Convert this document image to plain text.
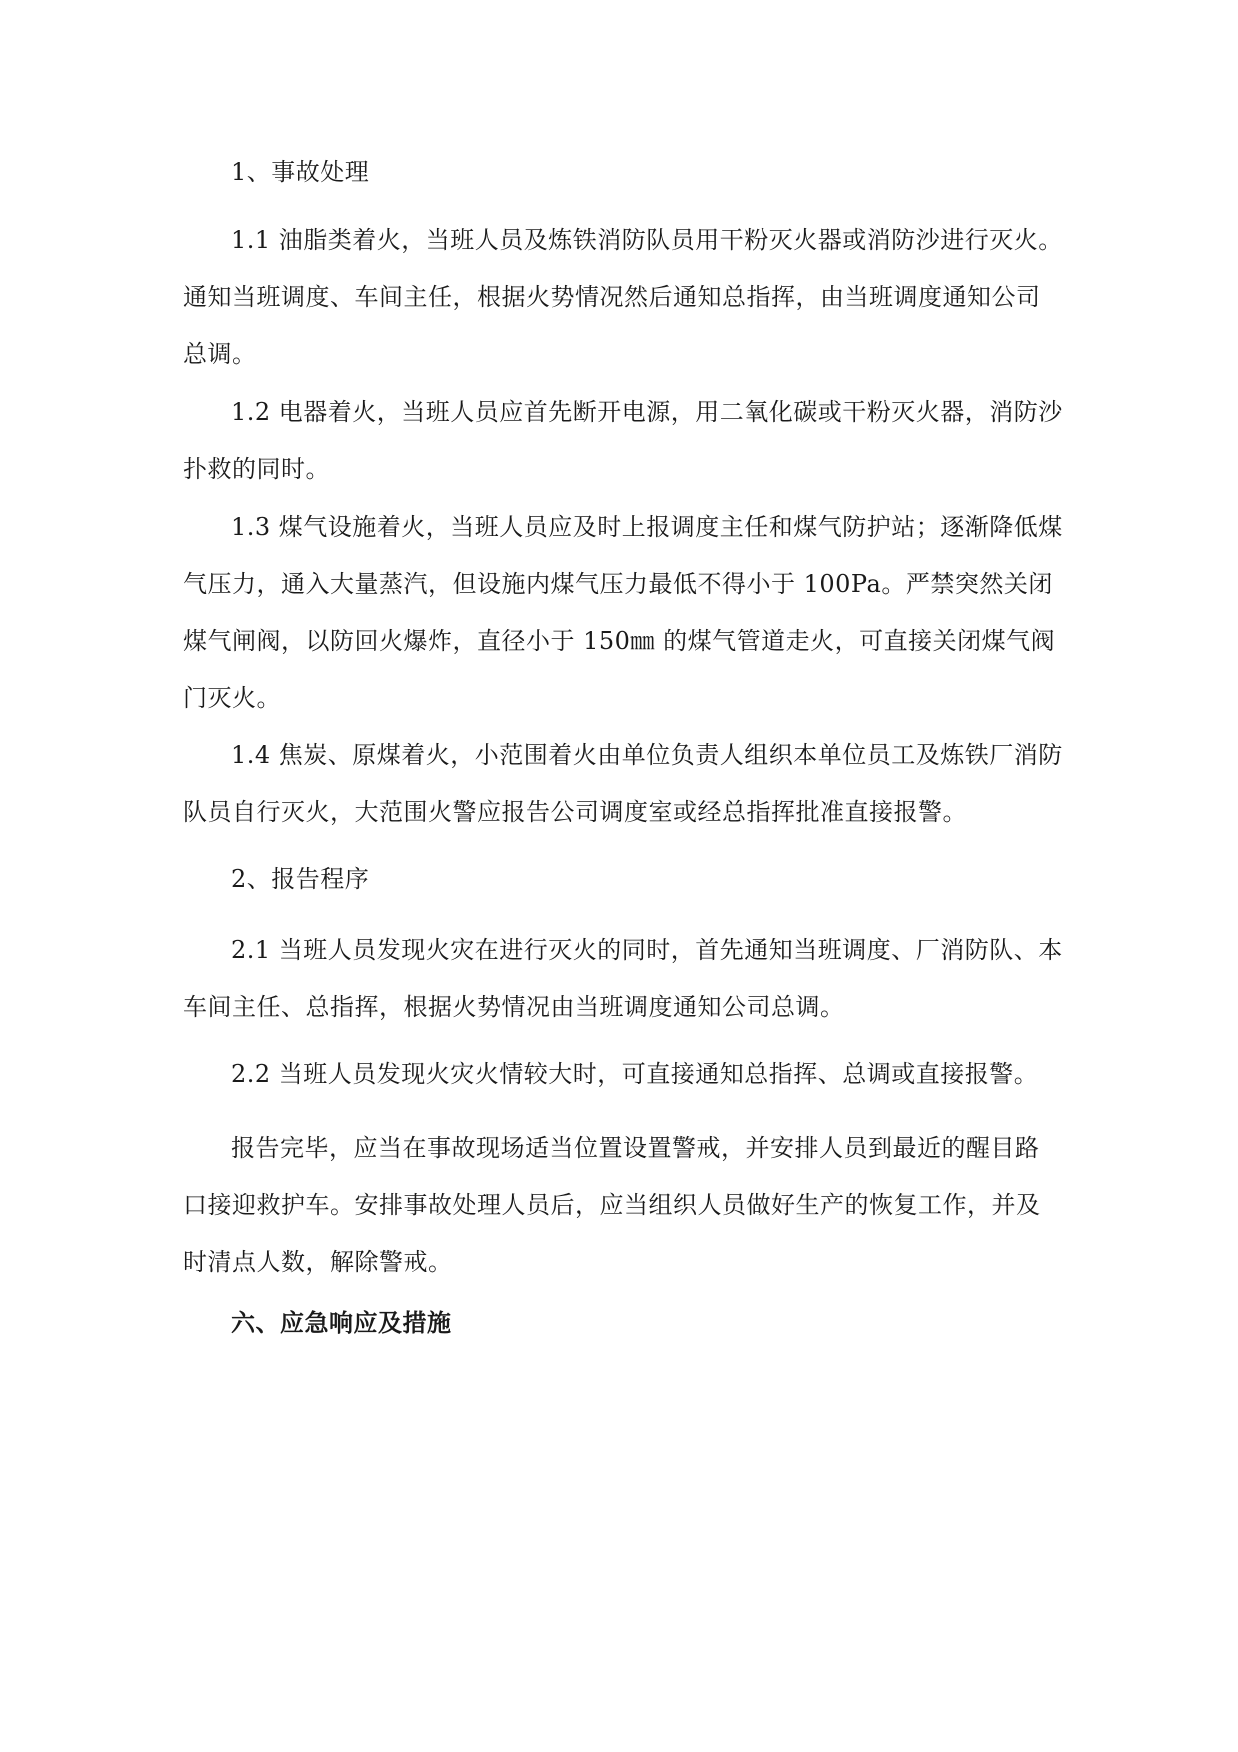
1、事故处理

1.1 油脂类着火，当班人员及炼铁消防队员用干粉灭火器或消防沙进行灭火。通知当班调度、车间主任，根据火势情况然后通知总指挥，由当班调度通知公司总调。

1.2 电器着火，当班人员应首先断开电源，用二氧化碳或干粉灭火器，消防沙扑救的同时。

1.3 煤气设施着火，当班人员应及时上报调度主任和煤气防护站；逐渐降低煤气压力，通入大量蒸汽，但设施内煤气压力最低不得小于 100Pa。严禁突然关闭煤气闸阀，以防回火爆炸，直径小于 150㎜ 的煤气管道走火，可直接关闭煤气阀门灭火。

1.4 焦炭、原煤着火，小范围着火由单位负责人组织本单位员工及炼铁厂消防队员自行灭火，大范围火警应报告公司调度室或经总指挥批准直接报警。

2、报告程序

2.1 当班人员发现火灾在进行灭火的同时，首先通知当班调度、厂消防队、本车间主任、总指挥，根据火势情况由当班调度通知公司总调。

2.2 当班人员发现火灾火情较大时，可直接通知总指挥、总调或直接报警。

报告完毕，应当在事故现场适当位置设置警戒，并安排人员到最近的醒目路口接迎救护车。安排事故处理人员后，应当组织人员做好生产的恢复工作，并及时清点人数，解除警戒。

六、应急响应及措施
